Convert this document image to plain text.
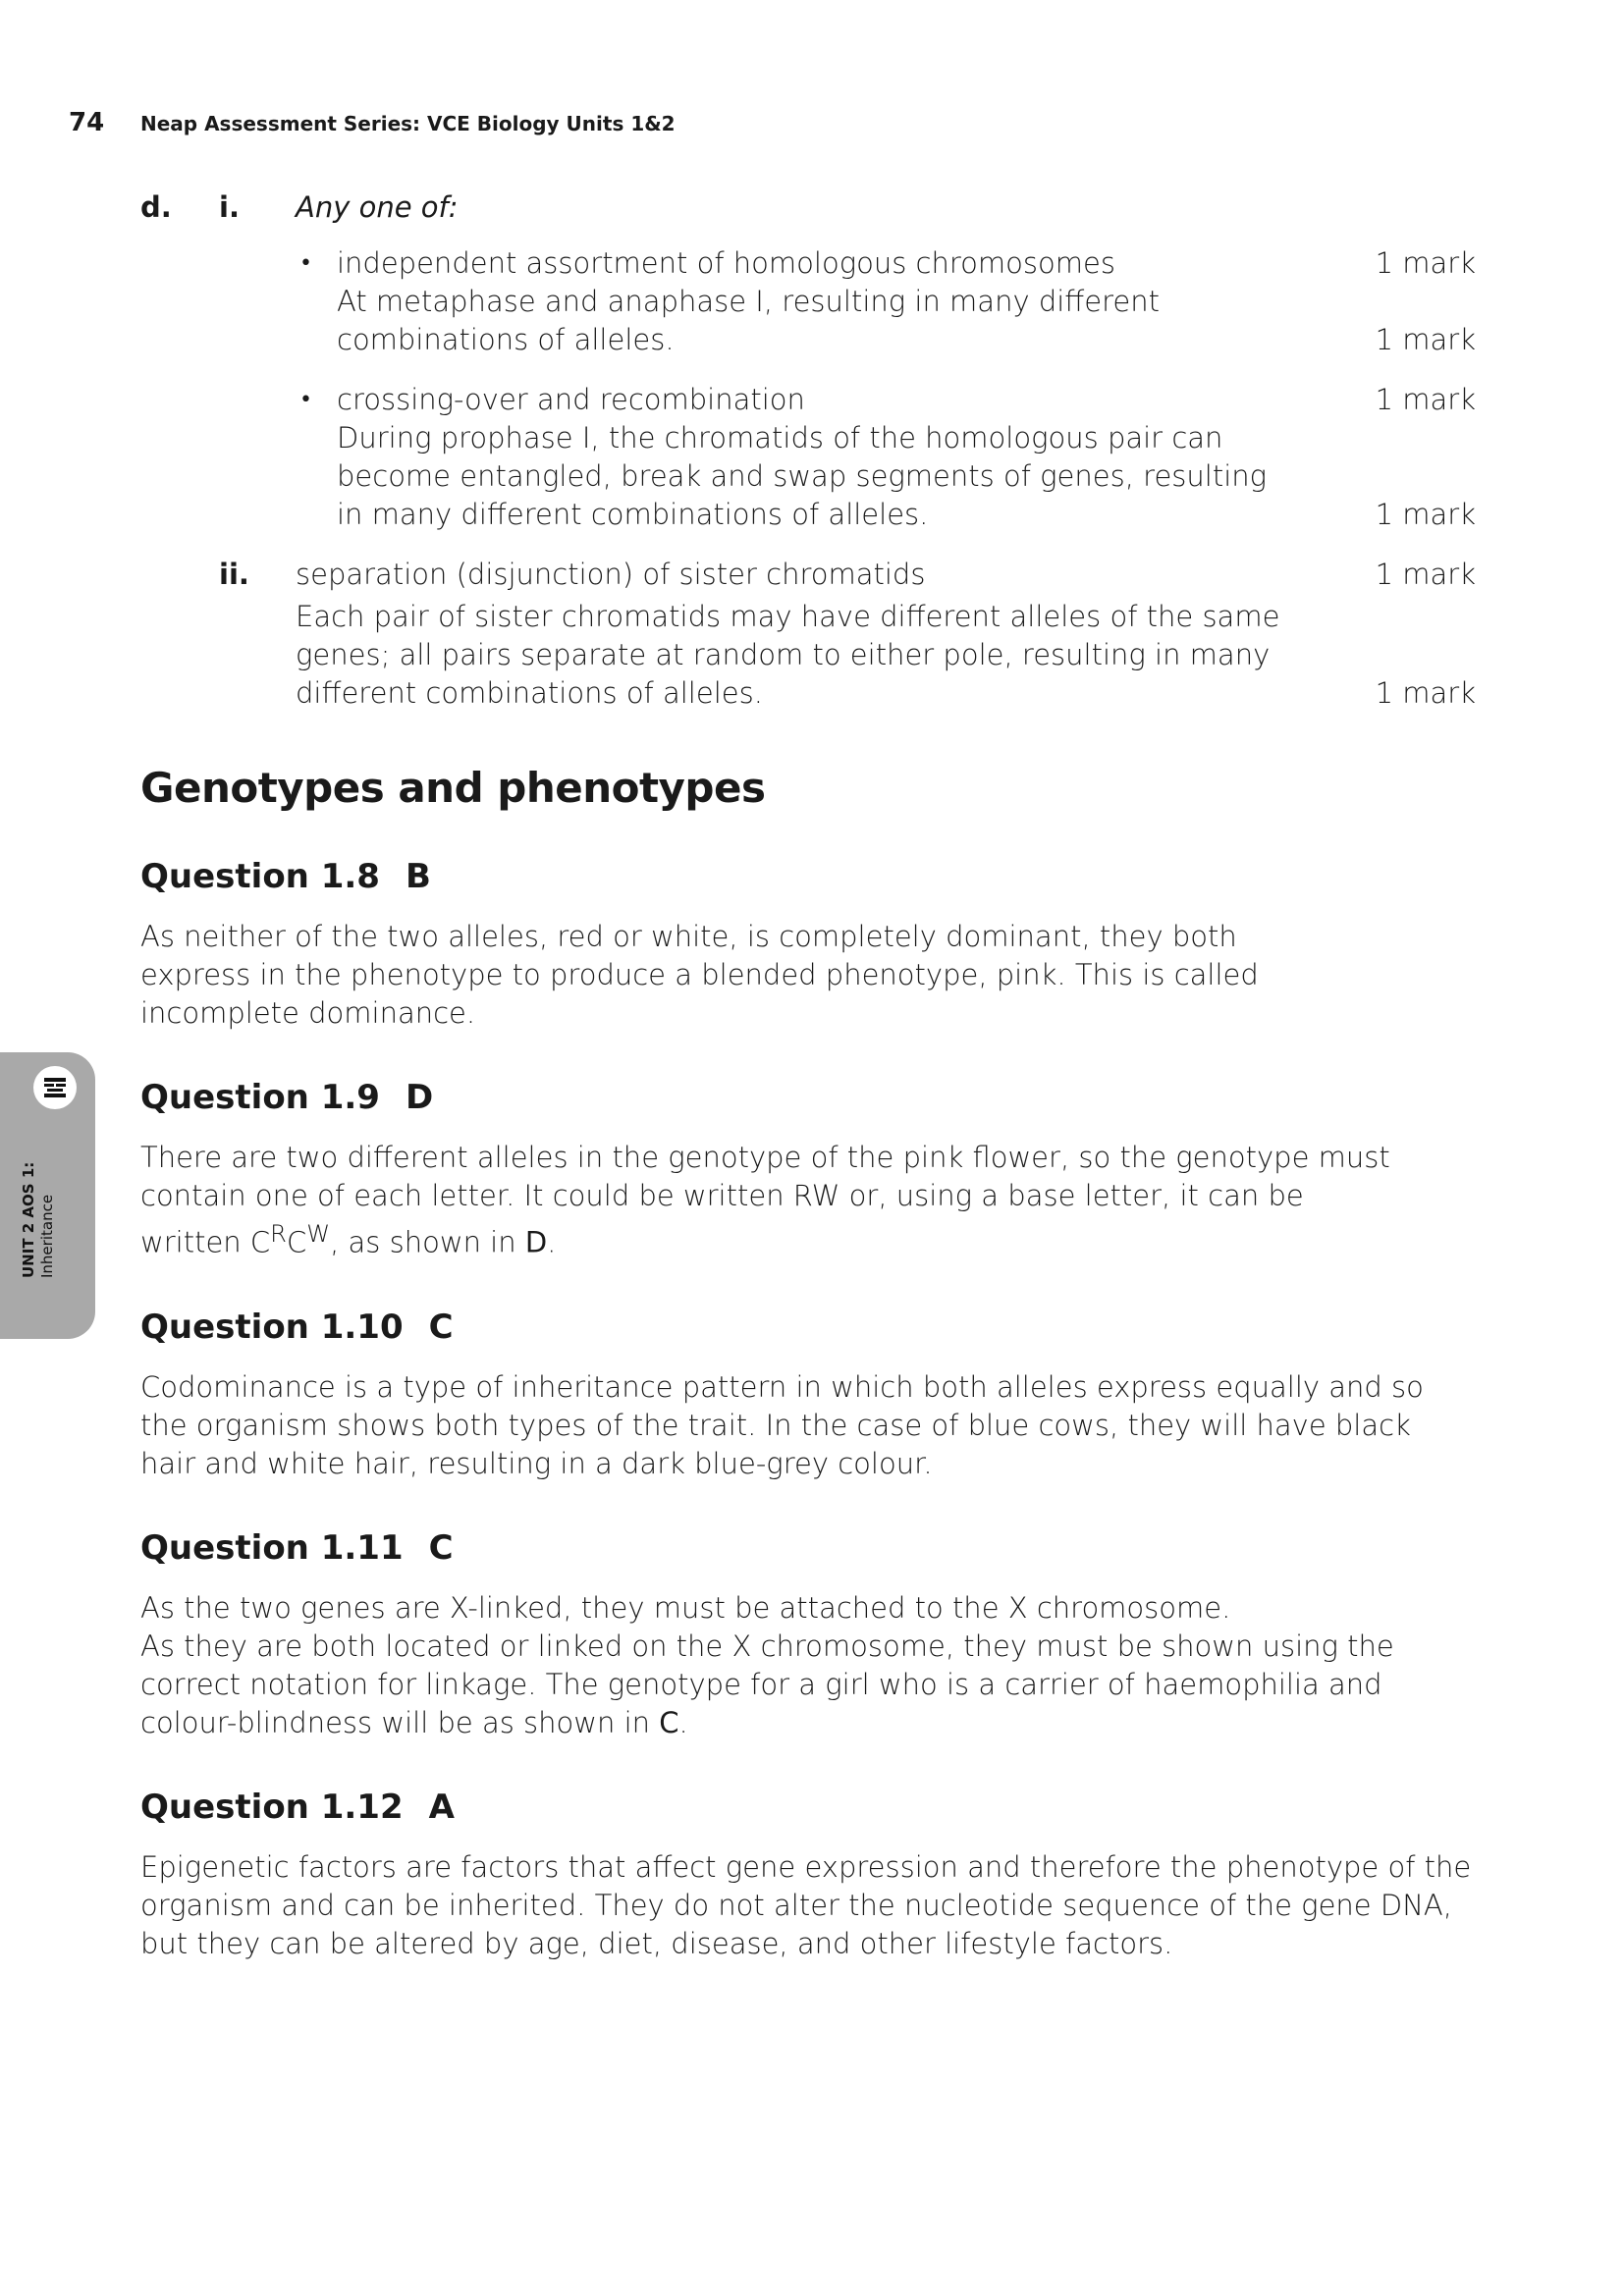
74	Neap Assessment Series: VCE Biology Units 1&2
UNIT 2 AOS 1: Inheritance
d. i. Any one of:
• independent assortment of homologous chromosomes	1 mark
At metaphase and anaphase I, resulting in many different combinations of alleles.	1 mark
• crossing-over and recombination	1 mark
During prophase I, the chromatids of the homologous pair can become entangled, break and swap segments of genes, resulting in many different combinations of alleles.	1 mark
ii. separation (disjunction) of sister chromatids	1 mark
Each pair of sister chromatids may have different alleles of the same genes; all pairs separate at random to either pole, resulting in many different combinations of alleles.	1 mark
Genotypes and phenotypes
Question 1.8 B
As neither of the two alleles, red or white, is completely dominant, they both express in the phenotype to produce a blended phenotype, pink. This is called incomplete dominance.
Question 1.9 D
There are two different alleles in the genotype of the pink flower, so the genotype must contain one of each letter. It could be written RW or, using a base letter, it can be written $C^RC^W$, as shown in D.
Question 1.10 C
Codominance is a type of inheritance pattern in which both alleles express equally and so the organism shows both types of the trait. In the case of blue cows, they will have black hair and white hair, resulting in a dark blue-grey colour.
Question 1.11 C
As the two genes are X-linked, they must be attached to the X chromosome.
As they are both located or linked on the X chromosome, they must be shown using the correct notation for linkage. The genotype for a girl who is a carrier of haemophilia and colour-blindness will be as shown in C.
Question 1.12 A
Epigenetic factors are factors that affect gene expression and therefore the phenotype of the organism and can be inherited. They do not alter the nucleotide sequence of the gene DNA, but they can be altered by age, diet, disease, and other lifestyle factors.
